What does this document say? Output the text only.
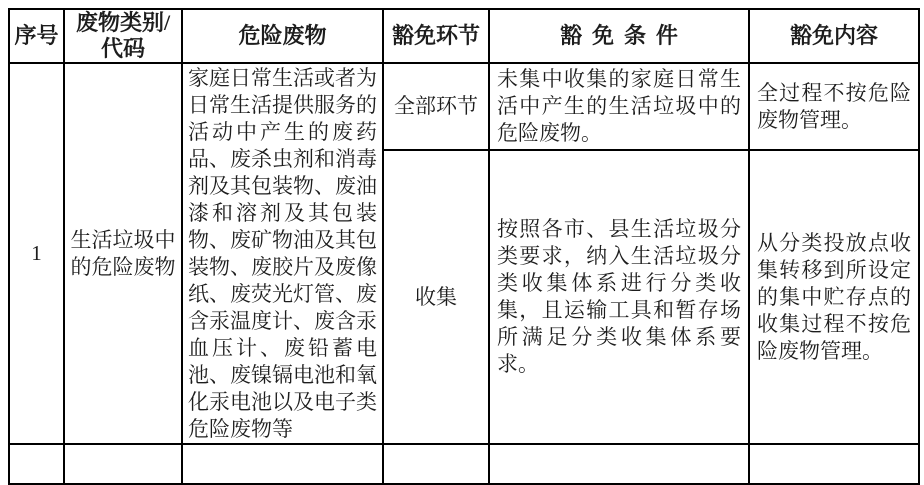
序号	废物类别/代码	危险废物	豁免环节	豁免条件	豁免内容
1	生活垃圾中的危险废物	家庭日常生活或者为日常生活提供服务的活动中产生的废药品、废杀虫剂和消毒剂及其包装物、废油漆和溶剂及其包装物、废矿物油及其包装物、废胶片及废像纸、废荧光灯管、废含汞温度计、废含汞血压计、废铅蓄电池、废镍镉电池和氧化汞电池以及电子类危险废物等	全部环节	未集中收集的家庭日常生活中产生的生活垃圾中的危险废物。	全过程不按危险废物管理。
			收集	按照各市、县生活垃圾分类要求，纳入生活垃圾分类收集体系进行分类收集，且运输工具和暂存场所满足分类收集体系要求。	从分类投放点收集转移到所设定的集中贮存点的收集过程不按危险废物管理。
